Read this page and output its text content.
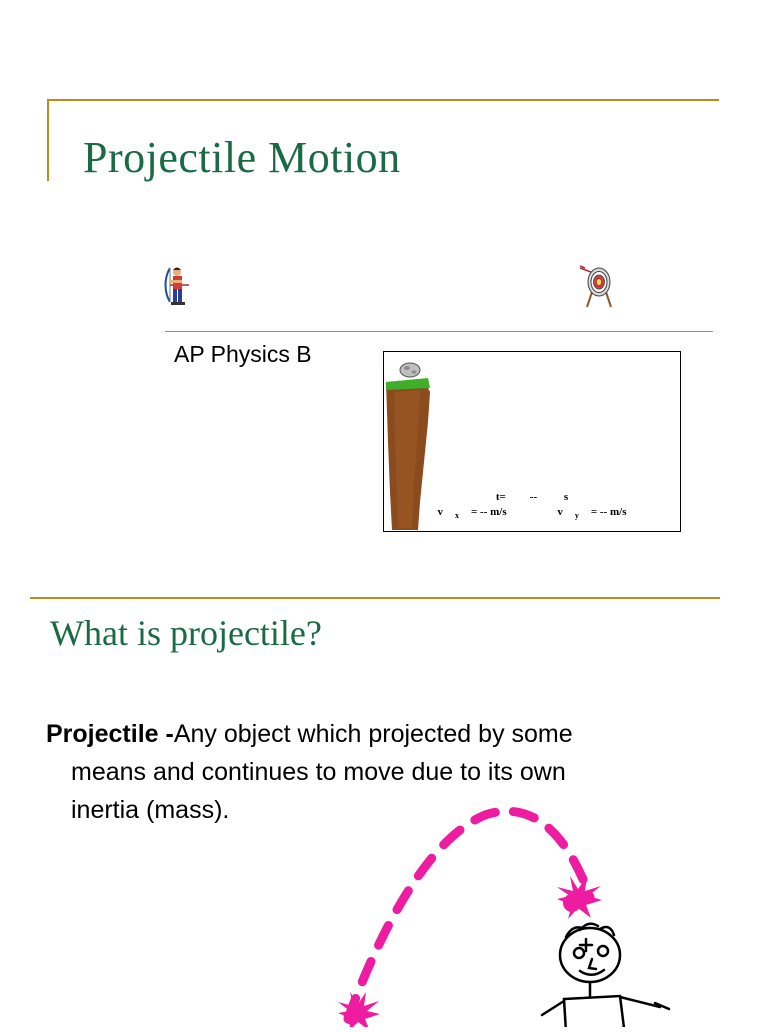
Projectile Motion
AP Physics B
t= -- s
v $_x$ = -- m/s	v $_y$ = -- m/s
What is projectile?
Projectile -Any object which projected by some
means and continues to move due to its own
inertia (mass).
